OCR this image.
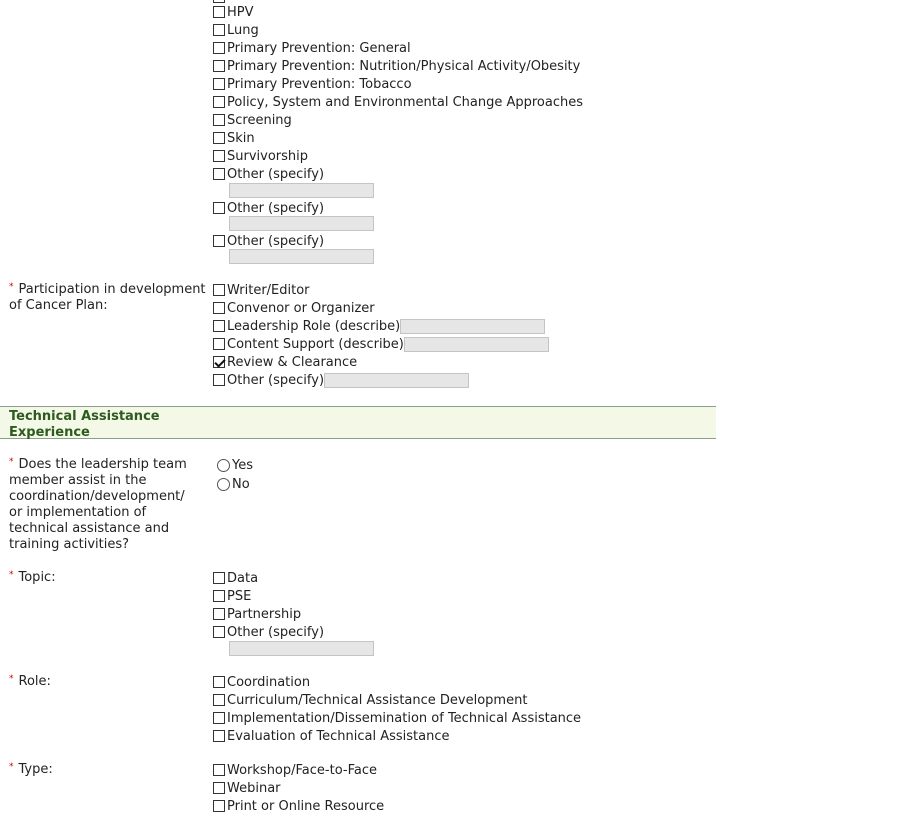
HPV
Lung
Primary Prevention: General
Primary Prevention: Nutrition/Physical Activity/Obesity
Primary Prevention: Tobacco
Policy, System and Environmental Change Approaches
Screening
Skin
Survivorship
Other (specify)
Other (specify)
Other (specify)
* Participation in development of Cancer Plan:
Writer/Editor
Convenor or Organizer
Leadership Role (describe)
Content Support (describe)
Review & Clearance
Other (specify)
Technical Assistance Experience
* Does the leadership team member assist in the coordination/development/ or implementation of technical assistance and training activities?
Yes
No
* Topic:	Data
PSE
Partnership
Other (specify)
* Role:	Coordination
Curriculum/Technical Assistance Development
Implementation/Dissemination of Technical Assistance
Evaluation of Technical Assistance
* Type:	Workshop/Face-to-Face
Webinar
Print or Online Resource
